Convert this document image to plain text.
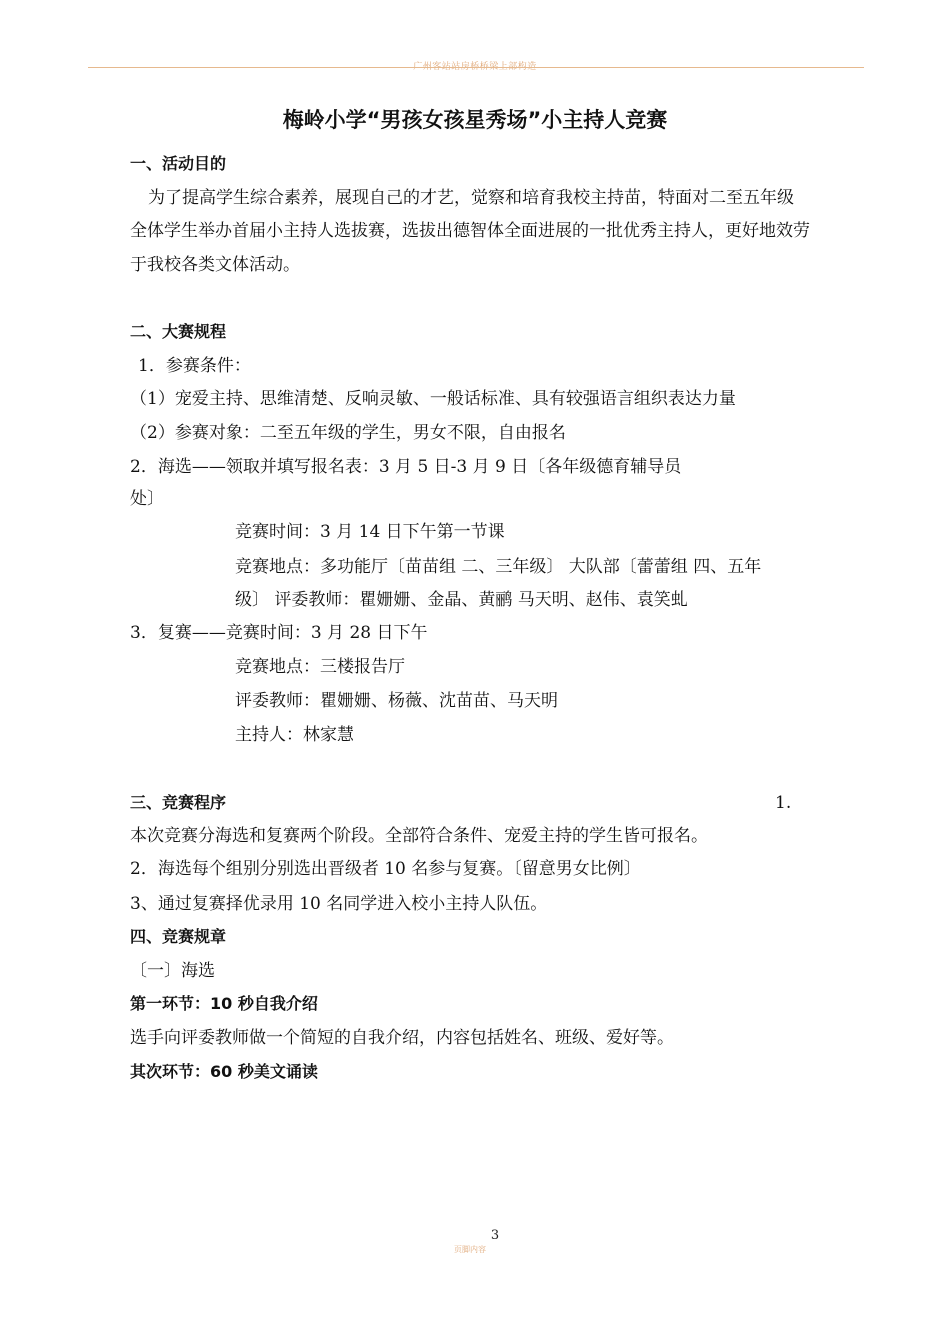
广州客站站房桥桥梁上部构造
梅岭小学“男孩女孩星秀场”小主持人竞赛
一、活动目的
为了提高学生综合素养，展现自己的才艺，觉察和培育我校主持苗，特面对二至五年级
全体学生举办首届小主持人选拔赛，选拔出德智体全面进展的一批优秀主持人，更好地效劳
于我校各类文体活动。
二、大赛规程
1．参赛条件：
（1）宠爱主持、思维清楚、反响灵敏、一般话标准、具有较强语言组织表达力量
（2）参赛对象：二至五年级的学生，男女不限，自由报名
2．海选——领取并填写报名表：3 月 5 日-3 月 9 日〔各年级德育辅导员
处〕
竞赛时间：3 月 14 日下午第一节课
竞赛地点：多功能厅〔苗苗组 二、三年级〕 大队部〔蕾蕾组 四、五年
级〕 评委教师：瞿姗姗、金晶、黄鹂 马天明、赵伟、袁笑虬
3．复赛——竞赛时间：3 月 28 日下午
竞赛地点：三楼报告厅
评委教师：瞿姗姗、杨薇、沈苗苗、马天明
主持人：林家慧
三、竞赛程序	1.
本次竞赛分海选和复赛两个阶段。全部符合条件、宠爱主持的学生皆可报名。
2．海选每个组别分别选出晋级者 10 名参与复赛。〔留意男女比例〕
3、通过复赛择优录用 10 名同学进入校小主持人队伍。
四、竞赛规章
〔一〕海选
第一环节：10 秒自我介绍
选手向评委教师做一个简短的自我介绍，内容包括姓名、班级、爱好等。
其次环节：60 秒美文诵读
3
页脚内容
